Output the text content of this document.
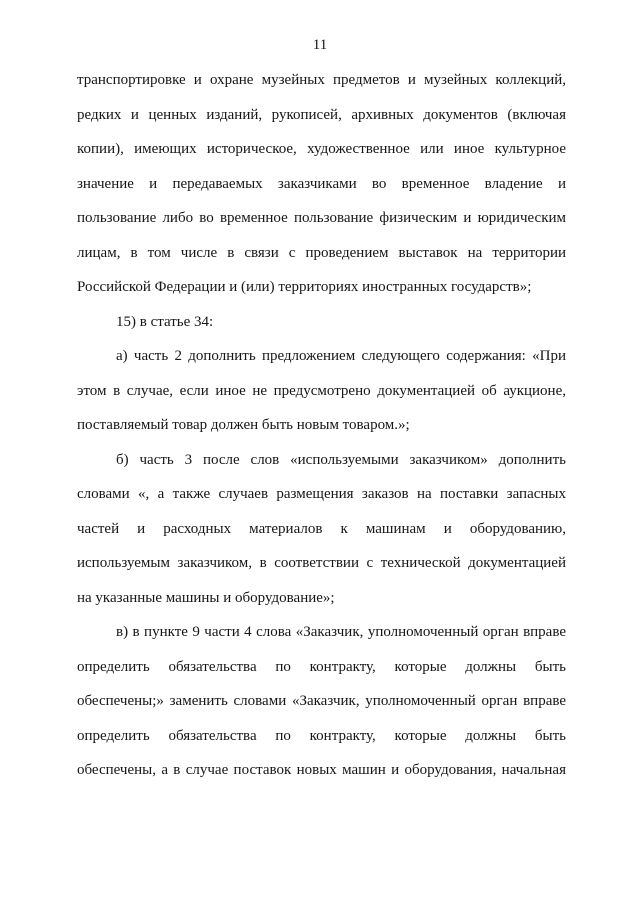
11
транспортировке и охране музейных предметов и музейных коллекций,
редких и ценных изданий, рукописей, архивных документов (включая
копии), имеющих историческое, художественное или иное культурное
значение и передаваемых заказчиками во временное владение и
пользование либо во временное пользование физическим и юридическим
лицам, в том числе в связи с проведением выставок на территории
Российской Федерации и (или) территориях иностранных государств»;
15) в статье 34:
а) часть 2 дополнить предложением следующего содержания: «При
этом в случае, если иное не предусмотрено документацией об аукционе,
поставляемый товар должен быть новым товаром.»;
б) часть 3 после слов «используемыми заказчиком» дополнить
словами «, а также случаев размещения заказов на поставки запасных
частей и расходных материалов к машинам и оборудованию,
используемым заказчиком, в соответствии с технической документацией
на указанные машины и оборудование»;
в) в пункте 9 части 4 слова «Заказчик, уполномоченный орган вправе
определить обязательства по контракту, которые должны быть
обеспечены;» заменить словами «Заказчик, уполномоченный орган вправе
определить обязательства по контракту, которые должны быть
обеспечены, а в случае поставок новых машин и оборудования, начальная
